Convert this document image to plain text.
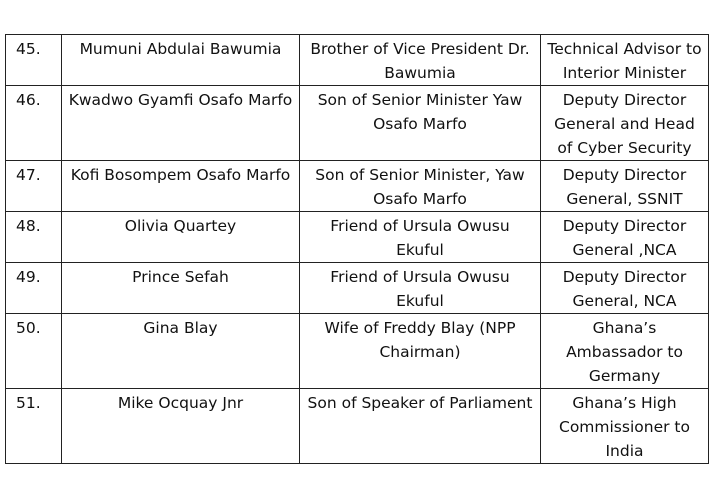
45.	Mumuni Abdulai Bawumia	Brother of Vice President Dr. Bawumia	Technical Advisor to Interior Minister
46.	Kwadwo Gyamfi Osafo Marfo	Son of Senior Minister Yaw Osafo Marfo	Deputy Director General and Head of Cyber Security
47.	Kofi Bosompem Osafo Marfo	Son of Senior Minister, Yaw Osafo Marfo	Deputy Director General, SSNIT
48.	Olivia Quartey	Friend of Ursula Owusu Ekuful	Deputy Director General ,NCA
49.	Prince Sefah	Friend of Ursula Owusu Ekuful	Deputy Director General, NCA
50.	Gina Blay	Wife of Freddy Blay (NPP Chairman)	Ghana’s Ambassador to Germany
51.	Mike Ocquay Jnr	Son of Speaker of Parliament	Ghana’s High Commissioner to India
